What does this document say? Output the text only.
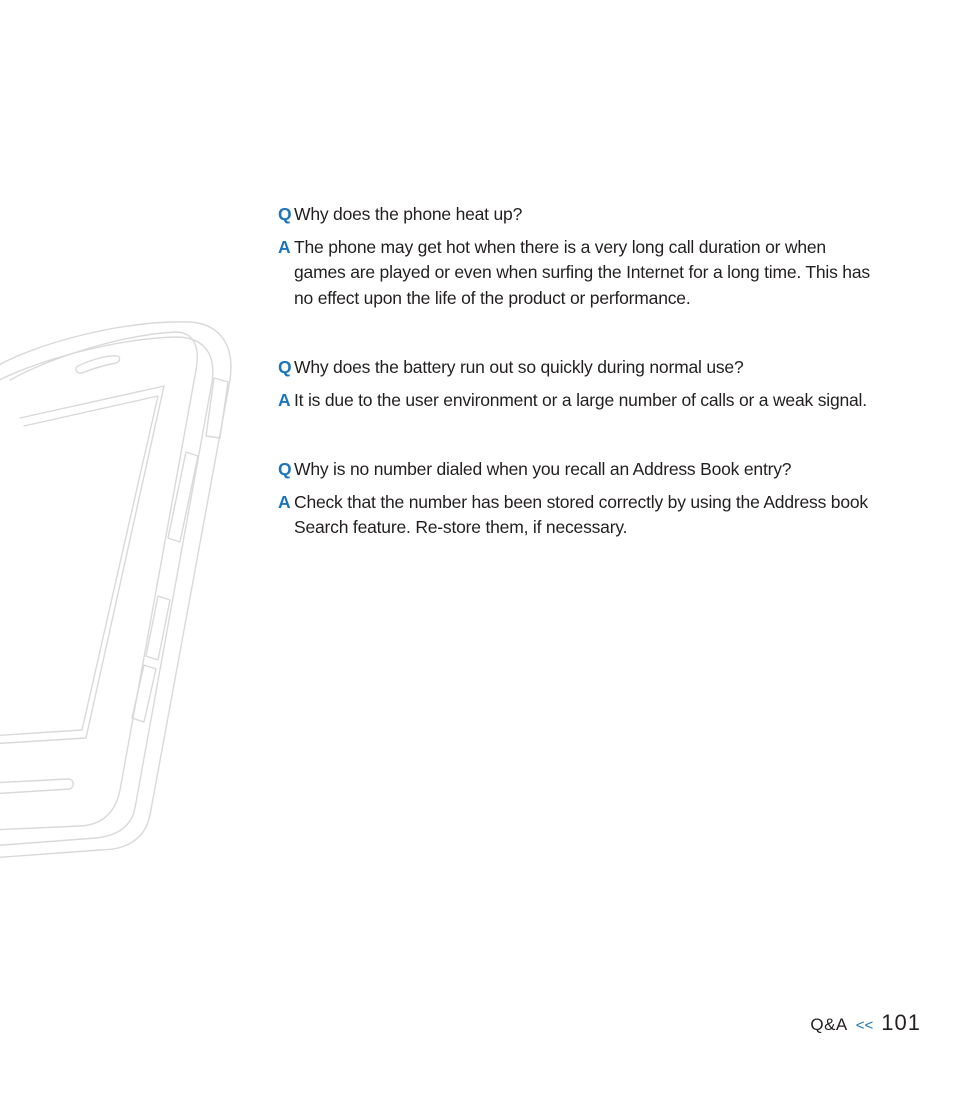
Q Why does the phone heat up?
A The phone may get hot when there is a very long call duration or when games are played or even when surfing the Internet for a long time. This has no effect upon the life of the product or performance.
Q Why does the battery run out so quickly during normal use?
A It is due to the user environment or a large number of calls or a weak signal.
Q Why is no number dialed when you recall an Address Book entry?
A Check that the number has been stored correctly by using the Address book Search feature. Re-store them, if necessary.
Q&A << 101
